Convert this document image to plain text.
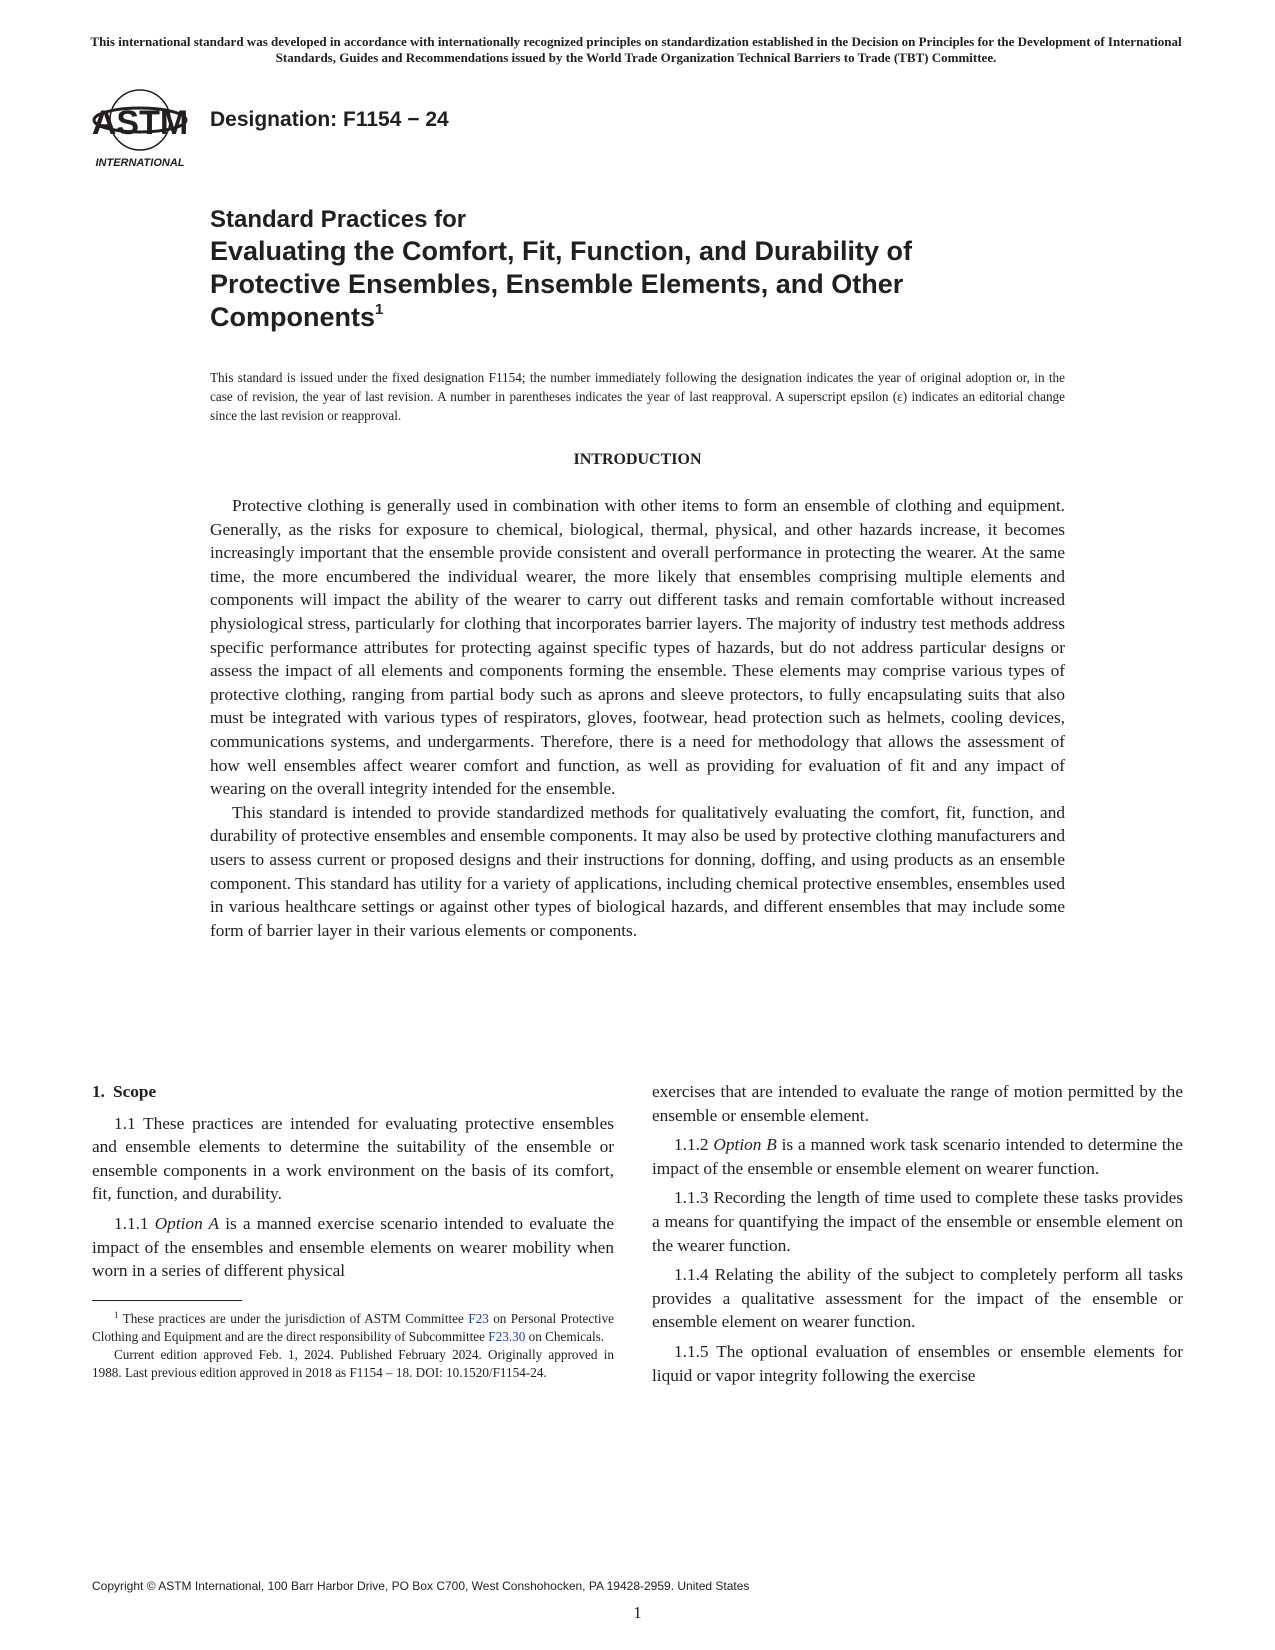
This international standard was developed in accordance with internationally recognized principles on standardization established in the Decision on Principles for the Development of International Standards, Guides and Recommendations issued by the World Trade Organization Technical Barriers to Trade (TBT) Committee.
ASTM
INTERNATIONAL
Designation: F1154 − 24
Standard Practices for
Evaluating the Comfort, Fit, Function, and Durability of Protective Ensembles, Ensemble Elements, and Other Components$^1$
This standard is issued under the fixed designation F1154; the number immediately following the designation indicates the year of original adoption or, in the case of revision, the year of last revision. A number in parentheses indicates the year of last reapproval. A superscript epsilon (ε) indicates an editorial change since the last revision or reapproval.
INTRODUCTION

Protective clothing is generally used in combination with other items to form an ensemble of clothing and equipment. Generally, as the risks for exposure to chemical, biological, thermal, physical, and other hazards increase, it becomes increasingly important that the ensemble provide consistent and overall performance in protecting the wearer. At the same time, the more encumbered the individual wearer, the more likely that ensembles comprising multiple elements and components will impact the ability of the wearer to carry out different tasks and remain comfortable without increased physiological stress, particularly for clothing that incorporates barrier layers. The majority of industry test methods address specific performance attributes for protecting against specific types of hazards, but do not address particular designs or assess the impact of all elements and components forming the ensemble. These elements may comprise various types of protective clothing, ranging from partial body such as aprons and sleeve protectors, to fully encapsulating suits that also must be integrated with various types of respirators, gloves, footwear, head protection such as helmets, cooling devices, communications systems, and undergarments. Therefore, there is a need for methodology that allows the assessment of how well ensembles affect wearer comfort and function, as well as providing for evaluation of fit and any impact of wearing on the overall integrity intended for the ensemble.

This standard is intended to provide standardized methods for qualitatively evaluating the comfort, fit, function, and durability of protective ensembles and ensemble components. It may also be used by protective clothing manufacturers and users to assess current or proposed designs and their instructions for donning, doffing, and using products as an ensemble component. This standard has utility for a variety of applications, including chemical protective ensembles, ensembles used in various healthcare settings or against other types of biological hazards, and different ensembles that may include some form of barrier layer in their various elements or components.

1. Scope

1.1 These practices are intended for evaluating protective ensembles and ensemble elements to determine the suitability of the ensemble or ensemble components in a work environment on the basis of its comfort, fit, function, and durability.

1.1.1 Option A is a manned exercise scenario intended to evaluate the impact of the ensembles and ensemble elements on wearer mobility when worn in a series of different physical

$^1$ These practices are under the jurisdiction of ASTM Committee F23 on Personal Protective Clothing and Equipment and are the direct responsibility of Subcommittee F23.30 on Chemicals.

Current edition approved Feb. 1, 2024. Published February 2024. Originally approved in 1988. Last previous edition approved in 2018 as F1154 – 18. DOI: 10.1520/F1154-24.

exercises that are intended to evaluate the range of motion permitted by the ensemble or ensemble element.

1.1.2 Option B is a manned work task scenario intended to determine the impact of the ensemble or ensemble element on wearer function.

1.1.3 Recording the length of time used to complete these tasks provides a means for quantifying the impact of the ensemble or ensemble element on the wearer function.

1.1.4 Relating the ability of the subject to completely perform all tasks provides a qualitative assessment for the impact of the ensemble or ensemble element on wearer function.

1.1.5 The optional evaluation of ensembles or ensemble elements for liquid or vapor integrity following the exercise

Copyright © ASTM International, 100 Barr Harbor Drive, PO Box C700, West Conshohocken, PA 19428-2959. United States
1
